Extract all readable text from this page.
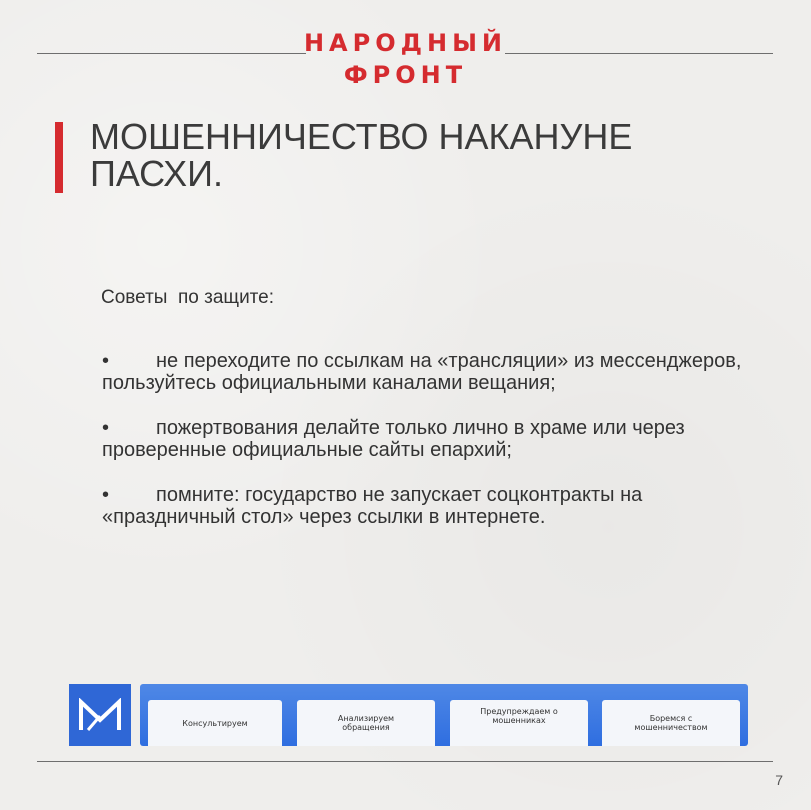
НАРОДНЫЙ
ФРОНТ
МОШЕННИЧЕСТВО НАКАНУНЕ
ПАСХИ.
Советы  по защите:
• не переходите по ссылкам на «трансляции» из мессенджеров, пользуйтесь официальными каналами вещания;
• пожертвования делайте только лично в храме или через проверенные официальные сайты епархий;
• помните: государство не запускает соцконтракты на «праздничный стол» через ссылки в интернете.
Консультируем	Анализируем обращения
Предупреждаем о мошенниках	Боремся с мошенничеством
7
